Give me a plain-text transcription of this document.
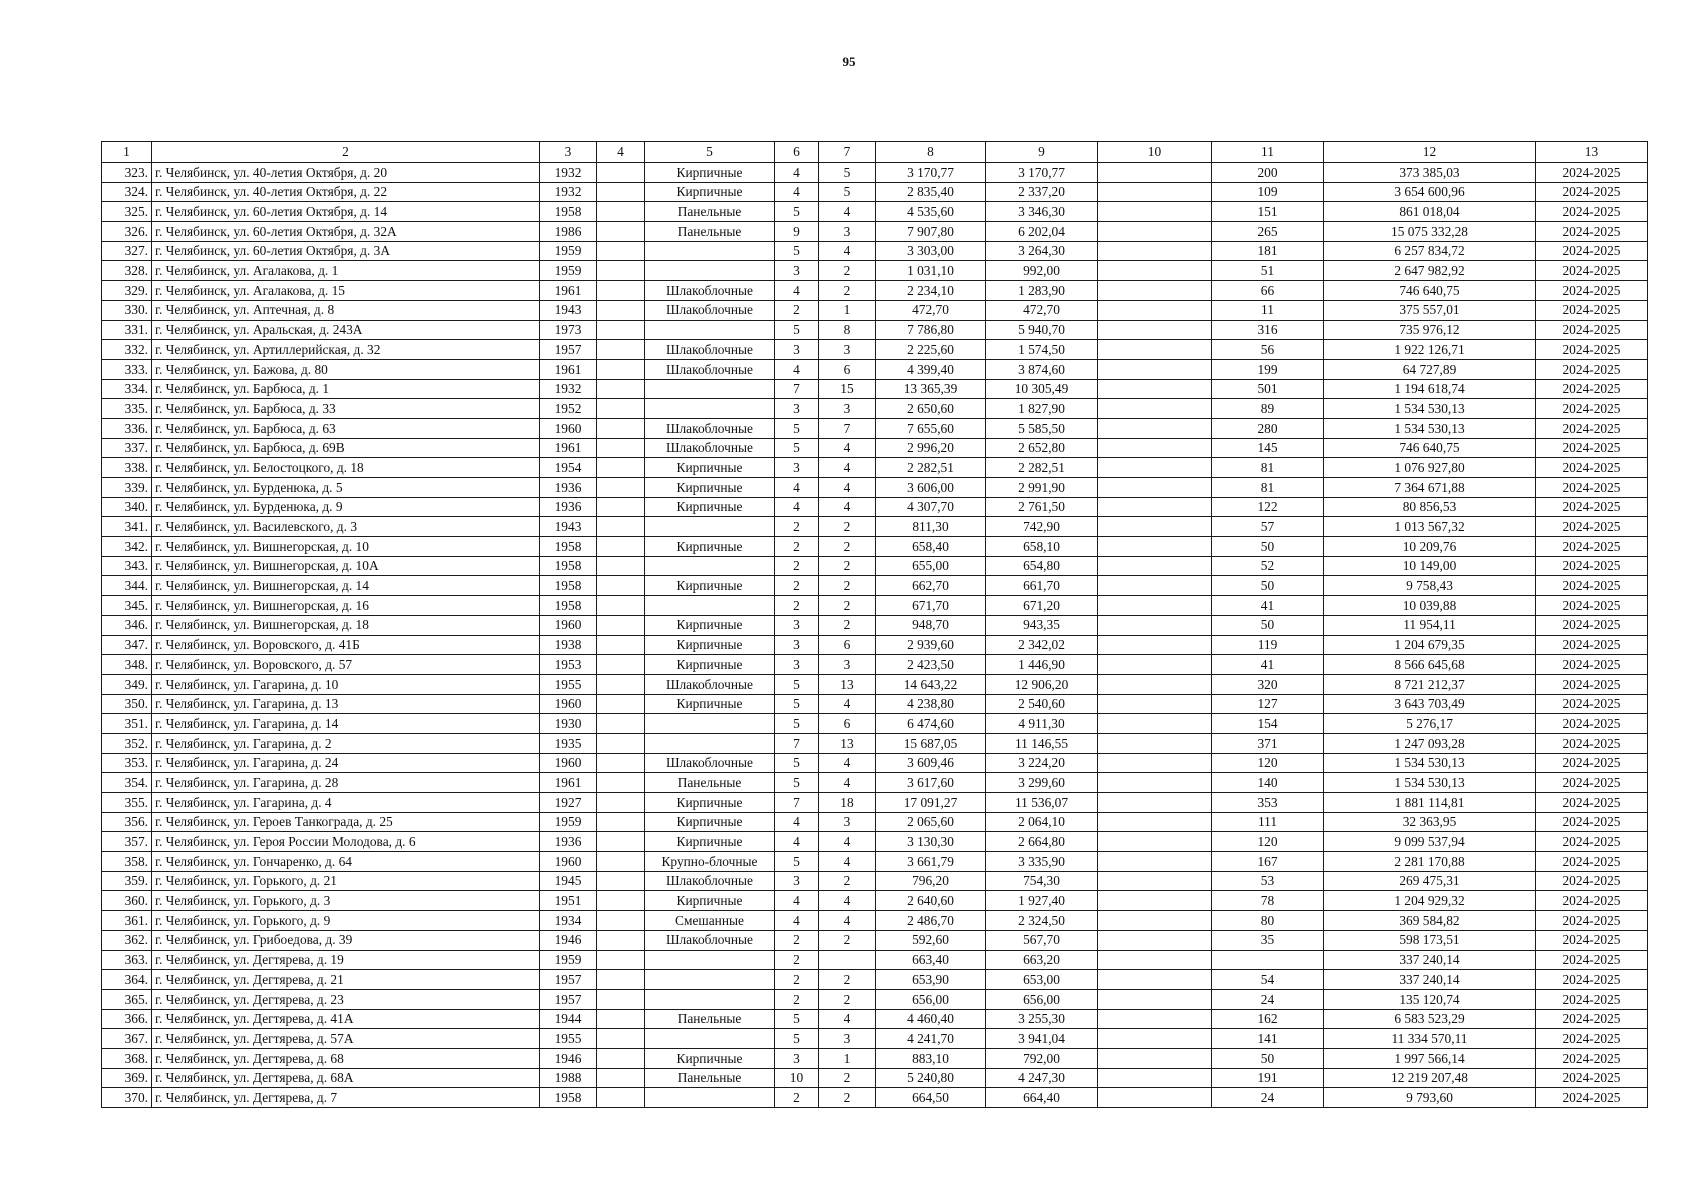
95
1	2	3	4	5	6	7	8	9	10	11	12	13
323.	г. Челябинск, ул. 40-летия Октября, д. 20	1932		Кирпичные	4	5	3 170,77	3 170,77		200	373 385,03	2024-2025
324.	г. Челябинск, ул. 40-летия Октября, д. 22	1932		Кирпичные	4	5	2 835,40	2 337,20		109	3 654 600,96	2024-2025
325.	г. Челябинск, ул. 60-летия Октября, д. 14	1958		Панельные	5	4	4 535,60	3 346,30		151	861 018,04	2024-2025
326.	г. Челябинск, ул. 60-летия Октября, д. 32А	1986		Панельные	9	3	7 907,80	6 202,04		265	15 075 332,28	2024-2025
327.	г. Челябинск, ул. 60-летия Октября, д. 3А	1959			5	4	3 303,00	3 264,30		181	6 257 834,72	2024-2025
328.	г. Челябинск, ул. Агалакова, д. 1	1959			3	2	1 031,10	992,00		51	2 647 982,92	2024-2025
329.	г. Челябинск, ул. Агалакова, д. 15	1961		Шлакоблочные	4	2	2 234,10	1 283,90		66	746 640,75	2024-2025
330.	г. Челябинск, ул. Аптечная, д. 8	1943		Шлакоблочные	2	1	472,70	472,70		11	375 557,01	2024-2025
331.	г. Челябинск, ул. Аральская, д. 243А	1973			5	8	7 786,80	5 940,70		316	735 976,12	2024-2025
332.	г. Челябинск, ул. Артиллерийская, д. 32	1957		Шлакоблочные	3	3	2 225,60	1 574,50		56	1 922 126,71	2024-2025
333.	г. Челябинск, ул. Бажова, д. 80	1961		Шлакоблочные	4	6	4 399,40	3 874,60		199	64 727,89	2024-2025
334.	г. Челябинск, ул. Барбюса, д. 1	1932			7	15	13 365,39	10 305,49		501	1 194 618,74	2024-2025
335.	г. Челябинск, ул. Барбюса, д. 33	1952			3	3	2 650,60	1 827,90		89	1 534 530,13	2024-2025
336.	г. Челябинск, ул. Барбюса, д. 63	1960		Шлакоблочные	5	7	7 655,60	5 585,50		280	1 534 530,13	2024-2025
337.	г. Челябинск, ул. Барбюса, д. 69В	1961		Шлакоблочные	5	4	2 996,20	2 652,80		145	746 640,75	2024-2025
338.	г. Челябинск, ул. Белостоцкого, д. 18	1954		Кирпичные	3	4	2 282,51	2 282,51		81	1 076 927,80	2024-2025
339.	г. Челябинск, ул. Бурденюка, д. 5	1936		Кирпичные	4	4	3 606,00	2 991,90		81	7 364 671,88	2024-2025
340.	г. Челябинск, ул. Бурденюка, д. 9	1936		Кирпичные	4	4	4 307,70	2 761,50		122	80 856,53	2024-2025
341.	г. Челябинск, ул. Василевского, д. 3	1943			2	2	811,30	742,90		57	1 013 567,32	2024-2025
342.	г. Челябинск, ул. Вишнегорская, д. 10	1958		Кирпичные	2	2	658,40	658,10		50	10 209,76	2024-2025
343.	г. Челябинск, ул. Вишнегорская, д. 10А	1958			2	2	655,00	654,80		52	10 149,00	2024-2025
344.	г. Челябинск, ул. Вишнегорская, д. 14	1958		Кирпичные	2	2	662,70	661,70		50	9 758,43	2024-2025
345.	г. Челябинск, ул. Вишнегорская, д. 16	1958			2	2	671,70	671,20		41	10 039,88	2024-2025
346.	г. Челябинск, ул. Вишнегорская, д. 18	1960		Кирпичные	3	2	948,70	943,35		50	11 954,11	2024-2025
347.	г. Челябинск, ул. Воровского, д. 41Б	1938		Кирпичные	3	6	2 939,60	2 342,02		119	1 204 679,35	2024-2025
348.	г. Челябинск, ул. Воровского, д. 57	1953		Кирпичные	3	3	2 423,50	1 446,90		41	8 566 645,68	2024-2025
349.	г. Челябинск, ул. Гагарина, д. 10	1955		Шлакоблочные	5	13	14 643,22	12 906,20		320	8 721 212,37	2024-2025
350.	г. Челябинск, ул. Гагарина, д. 13	1960		Кирпичные	5	4	4 238,80	2 540,60		127	3 643 703,49	2024-2025
351.	г. Челябинск, ул. Гагарина, д. 14	1930			5	6	6 474,60	4 911,30		154	5 276,17	2024-2025
352.	г. Челябинск, ул. Гагарина, д. 2	1935			7	13	15 687,05	11 146,55		371	1 247 093,28	2024-2025
353.	г. Челябинск, ул. Гагарина, д. 24	1960		Шлакоблочные	5	4	3 609,46	3 224,20		120	1 534 530,13	2024-2025
354.	г. Челябинск, ул. Гагарина, д. 28	1961		Панельные	5	4	3 617,60	3 299,60		140	1 534 530,13	2024-2025
355.	г. Челябинск, ул. Гагарина, д. 4	1927		Кирпичные	7	18	17 091,27	11 536,07		353	1 881 114,81	2024-2025
356.	г. Челябинск, ул. Героев Танкограда, д. 25	1959		Кирпичные	4	3	2 065,60	2 064,10		111	32 363,95	2024-2025
357.	г. Челябинск, ул. Героя России Молодова, д. 6	1936		Кирпичные	4	4	3 130,30	2 664,80		120	9 099 537,94	2024-2025
358.	г. Челябинск, ул. Гончаренко, д. 64	1960		Крупно-блочные	5	4	3 661,79	3 335,90		167	2 281 170,88	2024-2025
359.	г. Челябинск, ул. Горького, д. 21	1945		Шлакоблочные	3	2	796,20	754,30		53	269 475,31	2024-2025
360.	г. Челябинск, ул. Горького, д. 3	1951		Кирпичные	4	4	2 640,60	1 927,40		78	1 204 929,32	2024-2025
361.	г. Челябинск, ул. Горького, д. 9	1934		Смешанные	4	4	2 486,70	2 324,50		80	369 584,82	2024-2025
362.	г. Челябинск, ул. Грибоедова, д. 39	1946		Шлакоблочные	2	2	592,60	567,70		35	598 173,51	2024-2025
363.	г. Челябинск, ул. Дегтярева, д. 19	1959			2		663,40	663,20			337 240,14	2024-2025
364.	г. Челябинск, ул. Дегтярева, д. 21	1957			2	2	653,90	653,00		54	337 240,14	2024-2025
365.	г. Челябинск, ул. Дегтярева, д. 23	1957			2	2	656,00	656,00		24	135 120,74	2024-2025
366.	г. Челябинск, ул. Дегтярева, д. 41А	1944		Панельные	5	4	4 460,40	3 255,30		162	6 583 523,29	2024-2025
367.	г. Челябинск, ул. Дегтярева, д. 57А	1955			5	3	4 241,70	3 941,04		141	11 334 570,11	2024-2025
368.	г. Челябинск, ул. Дегтярева, д. 68	1946		Кирпичные	3	1	883,10	792,00		50	1 997 566,14	2024-2025
369.	г. Челябинск, ул. Дегтярева, д. 68А	1988		Панельные	10	2	5 240,80	4 247,30		191	12 219 207,48	2024-2025
370.	г. Челябинск, ул. Дегтярева, д. 7	1958			2	2	664,50	664,40		24	9 793,60	2024-2025
